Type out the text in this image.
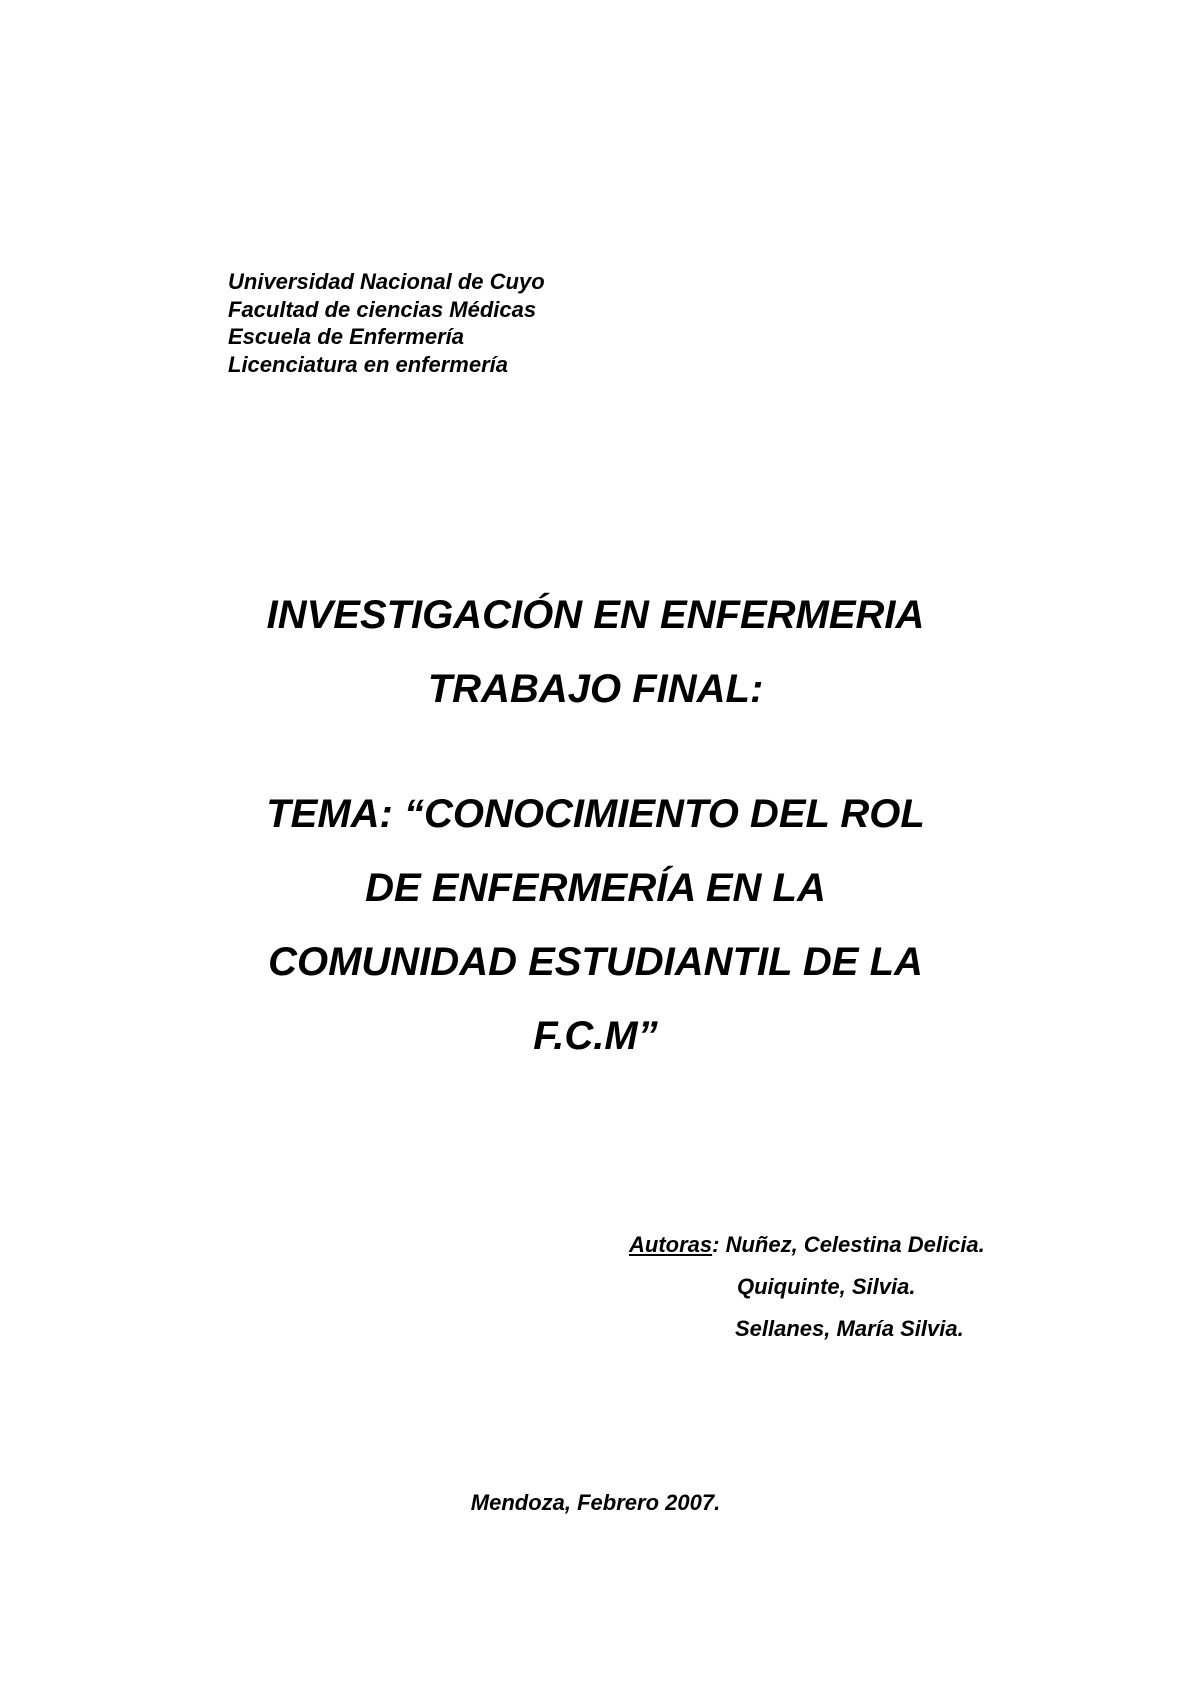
Universidad Nacional de Cuyo
Facultad de ciencias Médicas
Escuela de Enfermería
Licenciatura en enfermería
INVESTIGACIÓN EN ENFERMERIA
TRABAJO FINAL:
TEMA: “CONOCIMIENTO DEL ROL
DE ENFERMERÍA EN LA
COMUNIDAD ESTUDIANTIL DE LA
F.C.M”
Autoras: Nuñez, Celestina Delicia.
Quiquinte, Silvia.
Sellanes, María Silvia.
Mendoza, Febrero 2007.
